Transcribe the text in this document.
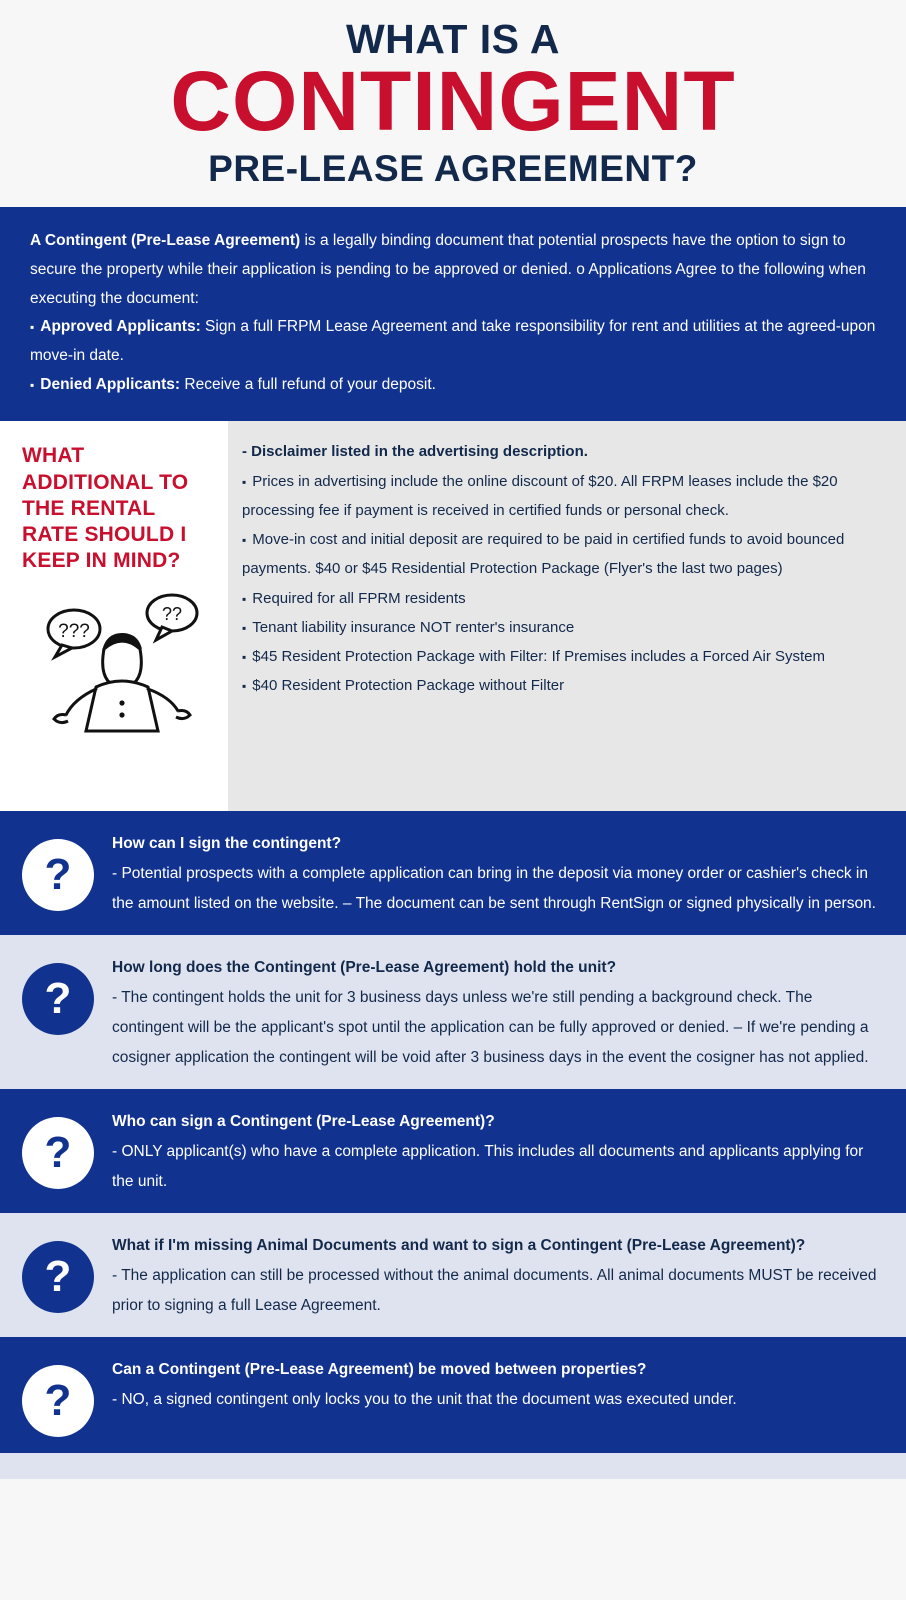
WHAT IS A
CONTINGENT
PRE-LEASE AGREEMENT?

A Contingent (Pre-Lease Agreement) is a legally binding document that potential prospects have the option to sign to secure the property while their application is pending to be approved or denied. o Applications Agree to the following when executing the document:

▪ Approved Applicants: Sign a full FRPM Lease Agreement and take responsibility for rent and utilities at the agreed-upon move-in date.

▪ Denied Applicants: Receive a full refund of your deposit.

WHAT ADDITIONAL TO THE RENTAL RATE SHOULD I KEEP IN MIND?
???
??

- Disclaimer listed in the advertising description.

▪ Prices in advertising include the online discount of $20. All FRPM leases include the $20 processing fee if payment is received in certified funds or personal check.

▪ Move-in cost and initial deposit are required to be paid in certified funds to avoid bounced payments. $40 or $45 Residential Protection Package (Flyer's the last two pages)

▪ Required for all FPRM residents

▪ Tenant liability insurance NOT renter's insurance

▪ $45 Resident Protection Package with Filter: If Premises includes a Forced Air System

▪ $40 Resident Protection Package without Filter

?

How can I sign the contingent?

- Potential prospects with a complete application can bring in the deposit via money order or cashier's check in the amount listed on the website. – The document can be sent through RentSign or signed physically in person.

?

How long does the Contingent (Pre-Lease Agreement) hold the unit?

- The contingent holds the unit for 3 business days unless we're still pending a background check. The contingent will be the applicant's spot until the application can be fully approved or denied. – If we're pending a cosigner application the contingent will be void after 3 business days in the event the cosigner has not applied.

?

Who can sign a Contingent (Pre-Lease Agreement)?

- ONLY applicant(s) who have a complete application. This includes all documents and applicants applying for the unit.

?

What if I'm missing Animal Documents and want to sign a Contingent (Pre-Lease Agreement)?

- The application can still be processed without the animal documents. All animal documents MUST be received prior to signing a full Lease Agreement.

?

Can a Contingent (Pre-Lease Agreement) be moved between properties?

- NO, a signed contingent only locks you to the unit that the document was executed under.
